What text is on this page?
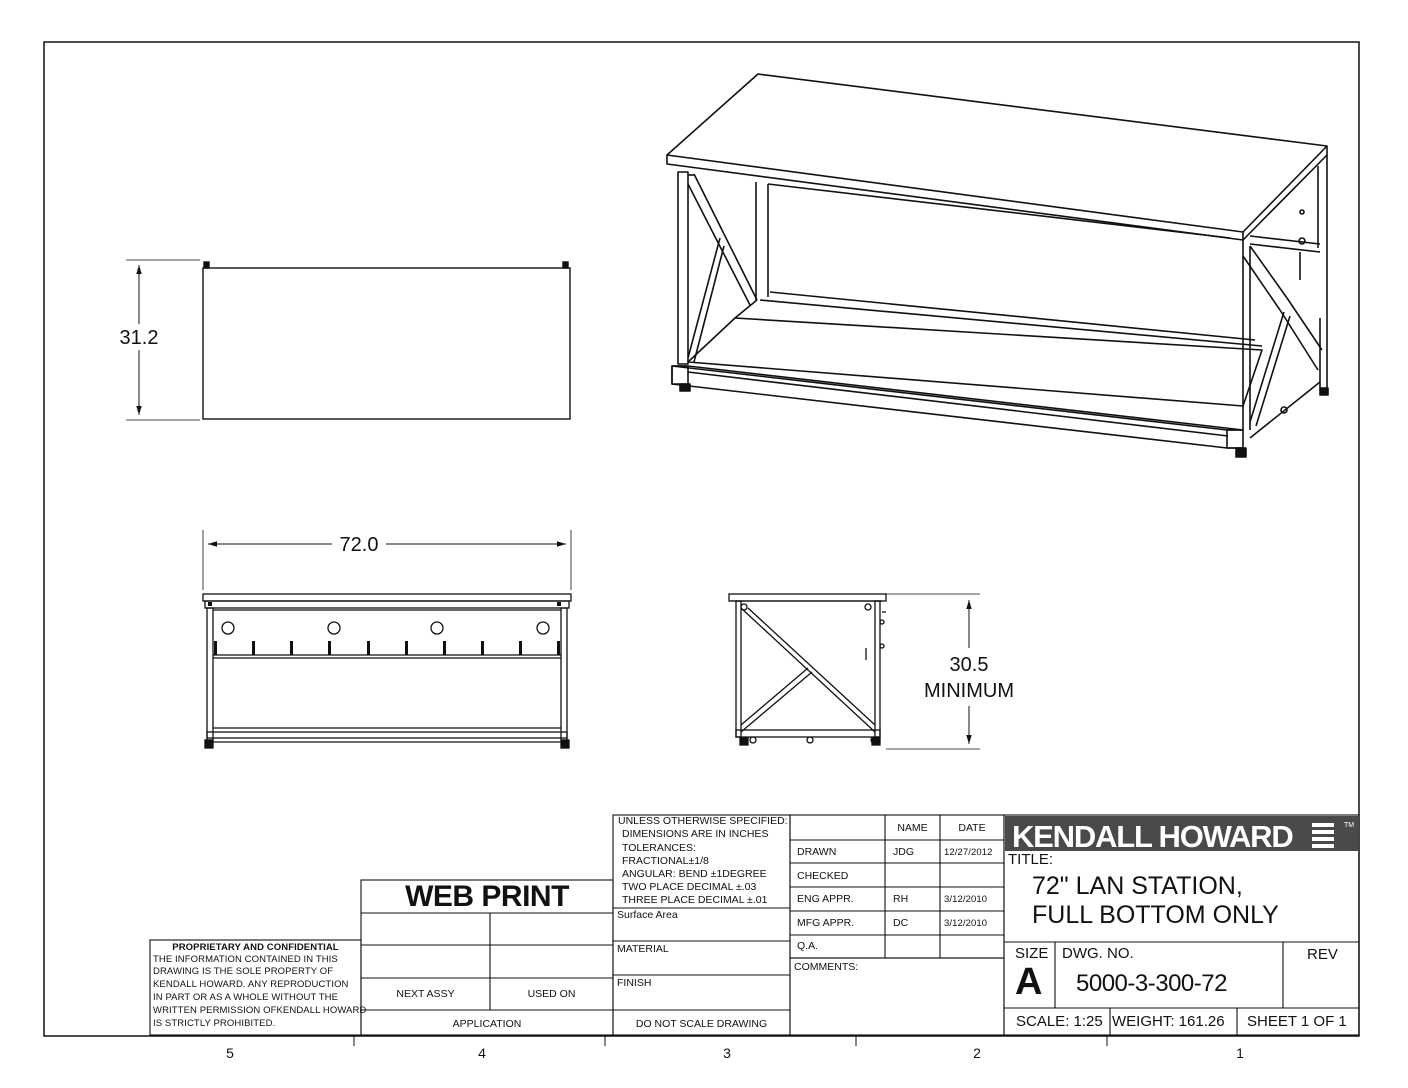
31.2
72.0
30.5
MINIMUM
5	4	3	2	1
KENDALL HOWARD	TM
WEB PRINT
PROPRIETARY AND CONFIDENTIAL
THE INFORMATION CONTAINED IN THIS
DRAWING IS THE SOLE PROPERTY OF
KENDALL HOWARD. ANY REPRODUCTION
IN PART OR AS A WHOLE WITHOUT THE
WRITTEN PERMISSION OFKENDALL HOWARD
IS STRICTLY PROHIBITED.
NEXT ASSY	USED ON
APPLICATION
UNLESS OTHERWISE SPECIFIED:
DIMENSIONS ARE IN INCHES
TOLERANCES:
FRACTIONAL±1/8
ANGULAR: BEND ±1DEGREE
TWO PLACE DECIMAL ±.03
THREE PLACE DECIMAL ±.01
Surface Area
MATERIAL
FINISH
DO NOT SCALE DRAWING
NAME	DATE
DRAWN	JDG	12/27/2012
CHECKED
ENG APPR.	RH	3/12/2010
MFG APPR.	DC	3/12/2010
Q.A.
COMMENTS:
TITLE:
72" LAN STATION,
FULL BOTTOM ONLY
SIZE
A
DWG. NO.
5000-3-300-72
REV
SCALE: 1:25 WEIGHT: 161.26 SHEET 1 OF 1
